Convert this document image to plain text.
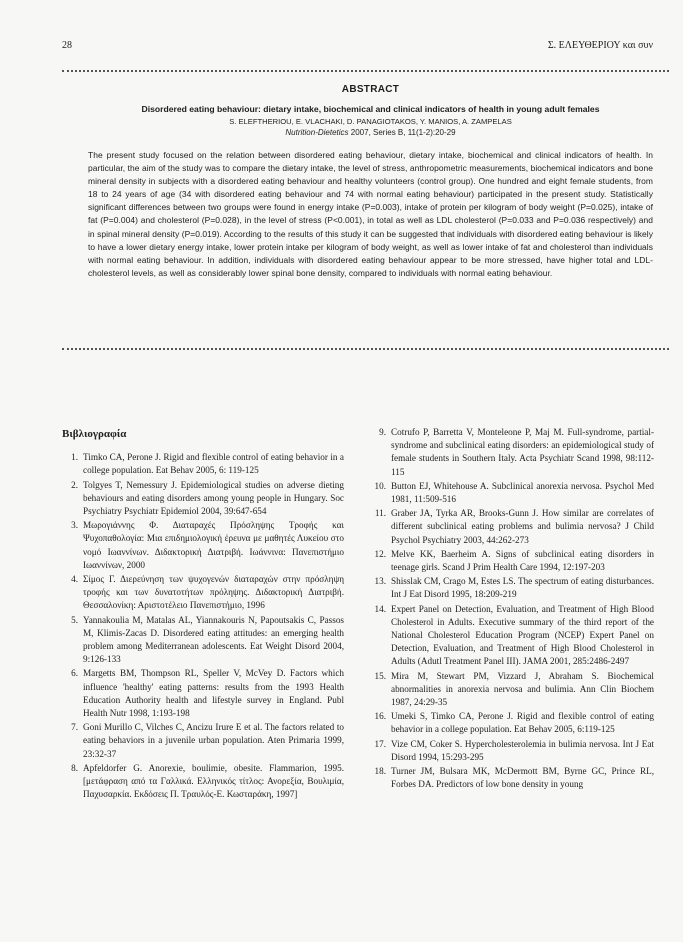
28	Σ. ΕΛΕΥΘΕΡΙΟΥ και συν
ABSTRACT
Disordered eating behaviour: dietary intake, biochemical and clinical indicators of health in young adult females
S. ELEFTHERIOU, E. VLACHAKI, D. PANAGIOTAKOS, Y. MANIOS, A. ZAMPELAS
Nutrition-Dietetics 2007, Series B, 11(1-2):20-29
The present study focused on the relation between disordered eating behaviour, dietary intake, biochemical and clinical indicators of health. In particular, the aim of the study was to compare the dietary intake, the level of stress, anthropometric measurements, biochemical indicators and bone mineral density in subjects with a disordered eating behaviour and healthy volunteers (control group). One hundred and eight female students, from 18 to 24 years of age (34 with disordered eating behaviour and 74 with normal eating behaviour) participated in the present study. Statistically significant differences between two groups were found in energy intake (P=0.003), intake of protein per kilogram of body weight (P=0.025), intake of fat (P=0.004) and cholesterol (P=0.028), in the level of stress (P<0.001), in total as well as LDL cholesterol (P=0.033 and P=0.036 respectively) and in spinal mineral density (P=0.019). According to the results of this study it can be suggested that individuals with disordered eating behaviour is likely to have a lower dietary energy intake, lower protein intake per kilogram of body weight, as well as lower intake of fat and cholesterol than individuals with normal eating behaviour. In addition, individuals with disordered eating behaviour appear to be more stressed, have higher total and LDL-cholesterol levels, as well as considerably lower spinal bone density, compared to individuals with normal eating behaviour.
Βιβλιογραφία
1. Timko CA, Perone J. Rigid and flexible control of eating behavior in a college population. Eat Behav 2005, 6: 119-125
2. Tolgyes T, Nemessury J. Epidemiological studies on adverse dieting behaviours and eating disorders among young people in Hungary. Soc Psychiatry Psychiatr Epidemiol 2004, 39:647-654
3. Μωρογιάννης Φ. Διαταραχές Πρόσληψης Τροφής και Ψυχοπαθολογία: Μια επιδημιολογική έρευνα με μαθητές Λυκείου στο νομό Ιωαννίνων. Διδακτορική Διατριβή. Ιωάννινα: Πανεπιστήμιο Ιωαννίνων, 2000
4. Σίμος Γ. Διερεύνηση των ψυχογενών διαταραχών στην πρόσληψη τροφής και των δυνατοτήτων πρόληψης. Διδακτορική Διατριβή. Θεσσαλονίκη: Αριστοτέλειο Πανεπιστήμιο, 1996
5. Yannakoulia M, Matalas AL, Yiannakouris N, Papoutsakis C, Passos M, Klimis-Zacas D. Disordered eating attitudes: an emerging health problem among Mediterranean adolescents. Eat Weight Disord 2004, 9:126-133
6. Margetts BM, Thompson RL, Speller V, McVey D. Factors which influence 'healthy' eating patterns: results from the 1993 Health Education Authority health and lifestyle survey in England. Publ Health Nutr 1998, 1:193-198
7. Goni Murillo C, Vilches C, Ancizu Irure E et al. The factors related to eating behaviors in a juvenile urban population. Aten Primaria 1999, 23:32-37
8. Apfeldorfer G. Anorexie, boulimie, obesite. Flammarion, 1995. [μετάφραση από τα Γαλλικά. Ελληνικός τίτλος: Ανορεξία, Βουλιμία, Παχυσαρκία. Εκδόσεις Π. Τραυλός-Ε. Κωσταράκη, 1997]
9. Cotrufo P, Barretta V, Monteleone P, Maj M. Full-syndrome, partial-syndrome and subclinical eating disorders: an epidemiological study of female students in Southern Italy. Acta Psychiatr Scand 1998, 98:112-115
10. Button EJ, Whitehouse A. Subclinical anorexia nervosa. Psychol Med 1981, 11:509-516
11. Graber JA, Tyrka AR, Brooks-Gunn J. How similar are correlates of different subclinical eating problems and bulimia nervosa? J Child Psychol Psychiatry 2003, 44:262-273
12. Melve KK, Baerheim A. Signs of subclinical eating disorders in teenage girls. Scand J Prim Health Care 1994, 12:197-203
13. Shisslak CM, Crago M, Estes LS. The spectrum of eating disturbances. Int J Eat Disord 1995, 18:209-219
14. Expert Panel on Detection, Evaluation, and Treatment of High Blood Cholesterol in Adults. Executive summary of the third report of the National Cholesterol Education Program (NCEP) Expert Panel on Detection, Evaluation, and Treatment of High Blood Cholesterol in Adults (Adutl Treatment Panel III). JAMA 2001, 285:2486-2497
15. Mira M, Stewart PM, Vizzard J, Abraham S. Biochemical abnormalities in anorexia nervosa and bulimia. Ann Clin Biochem 1987, 24:29-35
16. Umeki S, Timko CA, Perone J. Rigid and flexible control of eating behavior in a college population. Eat Behav 2005, 6:119-125
17. Vize CM, Coker S. Hypercholesterolemia in bulimia nervosa. Int J Eat Disord 1994, 15:293-295
18. Turner JM, Bulsara MK, McDermott BM, Byrne GC, Prince RL, Forbes DA. Predictors of low bone density in young
